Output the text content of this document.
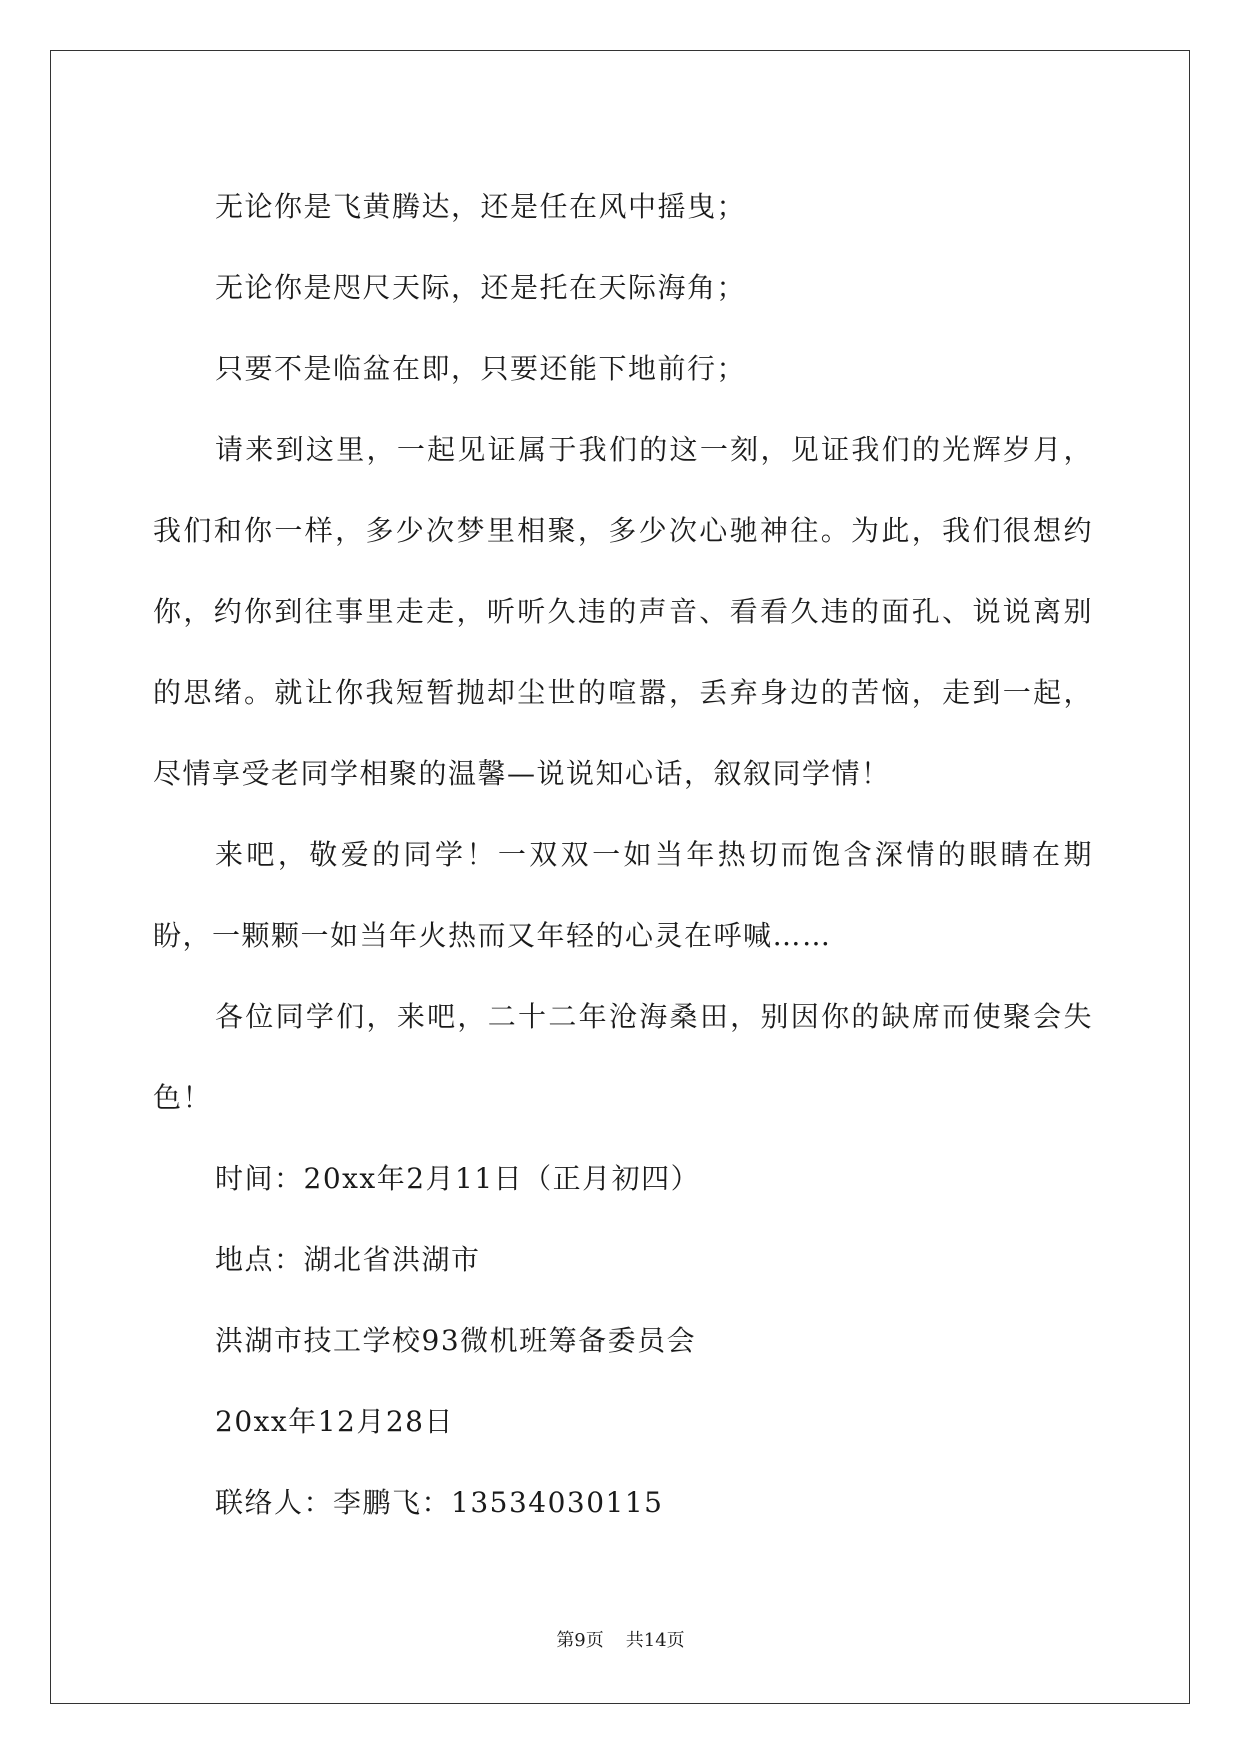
无论你是飞黄腾达，还是任在风中摇曳；

无论你是咫尺天际，还是托在天际海角；

只要不是临盆在即，只要还能下地前行；

请来到这里，一起见证属于我们的这一刻，见证我们的光辉岁月，我们和你一样，多少次梦里相聚，多少次心驰神往。为此，我们很想约你，约你到往事里走走，听听久违的声音、看看久违的面孔、说说离别的思绪。就让你我短暂抛却尘世的喧嚣，丢弃身边的苦恼，走到一起，尽情享受老同学相聚的温馨—说说知心话，叙叙同学情！

来吧，敬爱的同学！一双双一如当年热切而饱含深情的眼睛在期盼，一颗颗一如当年火热而又年轻的心灵在呼喊……

各位同学们，来吧，二十二年沧海桑田，别因你的缺席而使聚会失色！

时间：20xx年2月11日（正月初四）

地点：湖北省洪湖市

洪湖市技工学校93微机班筹备委员会

20xx年12月28日

联络人：李鹏飞：13534030115

第9页 共14页
